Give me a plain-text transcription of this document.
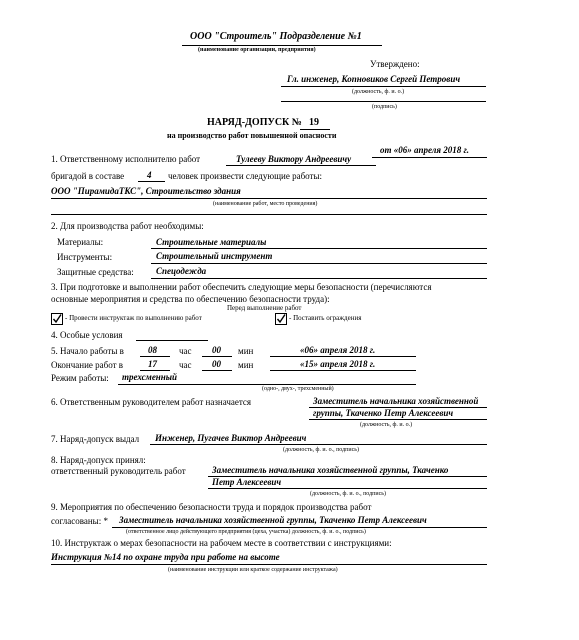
ООО "Строитель" Подразделение №1
(наименование организации, предприятия)
Утверждено:
Гл. инженер, Копновиков Сергей Петрович
(должность, ф. и. о.)
(подпись)
НАРЯД-ДОПУСК № 19
на производство работ повышенной опасности
от «06» апреля 2018 г.
1. Ответственному исполнителю работ	Тулееву Виктору Андреевичу
бригадой в составе	4 человек произвести следующие работы:
ООО "ПирамидаТКС", Строительство здания
(наименование работ, место проведения)
2. Для производства работ необходимы:
Материалы:	Строительные материалы
Инструменты:	Строительный инструмент
Защитные средства: Спецодежда
3. При подготовке и выполнении работ обеспечить следующие меры безопасности (перечисляются
основные мероприятия и средства по обеспечению безопасности труда):
Перед выполнение работ
- Провести инструктаж по выполнению работ	- Поставить ограждения
4. Особые условия
5. Начало работы в	08 час 00 мин	«06» апреля 2018 г.
Окончание работ в	17 час 00 мин	«15» апреля 2018 г.
Режим работы: трехсменный
(одно-, двух-, трехсменный)
6. Ответственным руководителем работ назначается	Заместитель начальника хозяйственной
группы, Ткаченко Петр Алексеевич
(должность, ф. и. о.)
7. Наряд-допуск выдал Инженер, Пугачев Виктор Андреевич
(должность, ф. и. о., подпись)
8. Наряд-допуск принял:
ответственный руководитель работ	Заместитель начальника хозяйственной группы, Ткаченко
Петр Алексеевич
(должность, ф. и. о., подпись)
9. Мероприятия по обеспечению безопасности труда и порядок производства работ
согласованы: * Заместитель начальника хозяйственной группы, Ткаченко Петр Алексеевич
(ответственное лицо действующего предприятия (цеха, участка) должность, ф. и. о., подпись)
10. Инструктаж о мерах безопасности на рабочем месте в соответствии с инструкциями:
Инструкция №14 по охране труда при работе на высоте
(наименование инструкции или краткое содержание инструктажа)
